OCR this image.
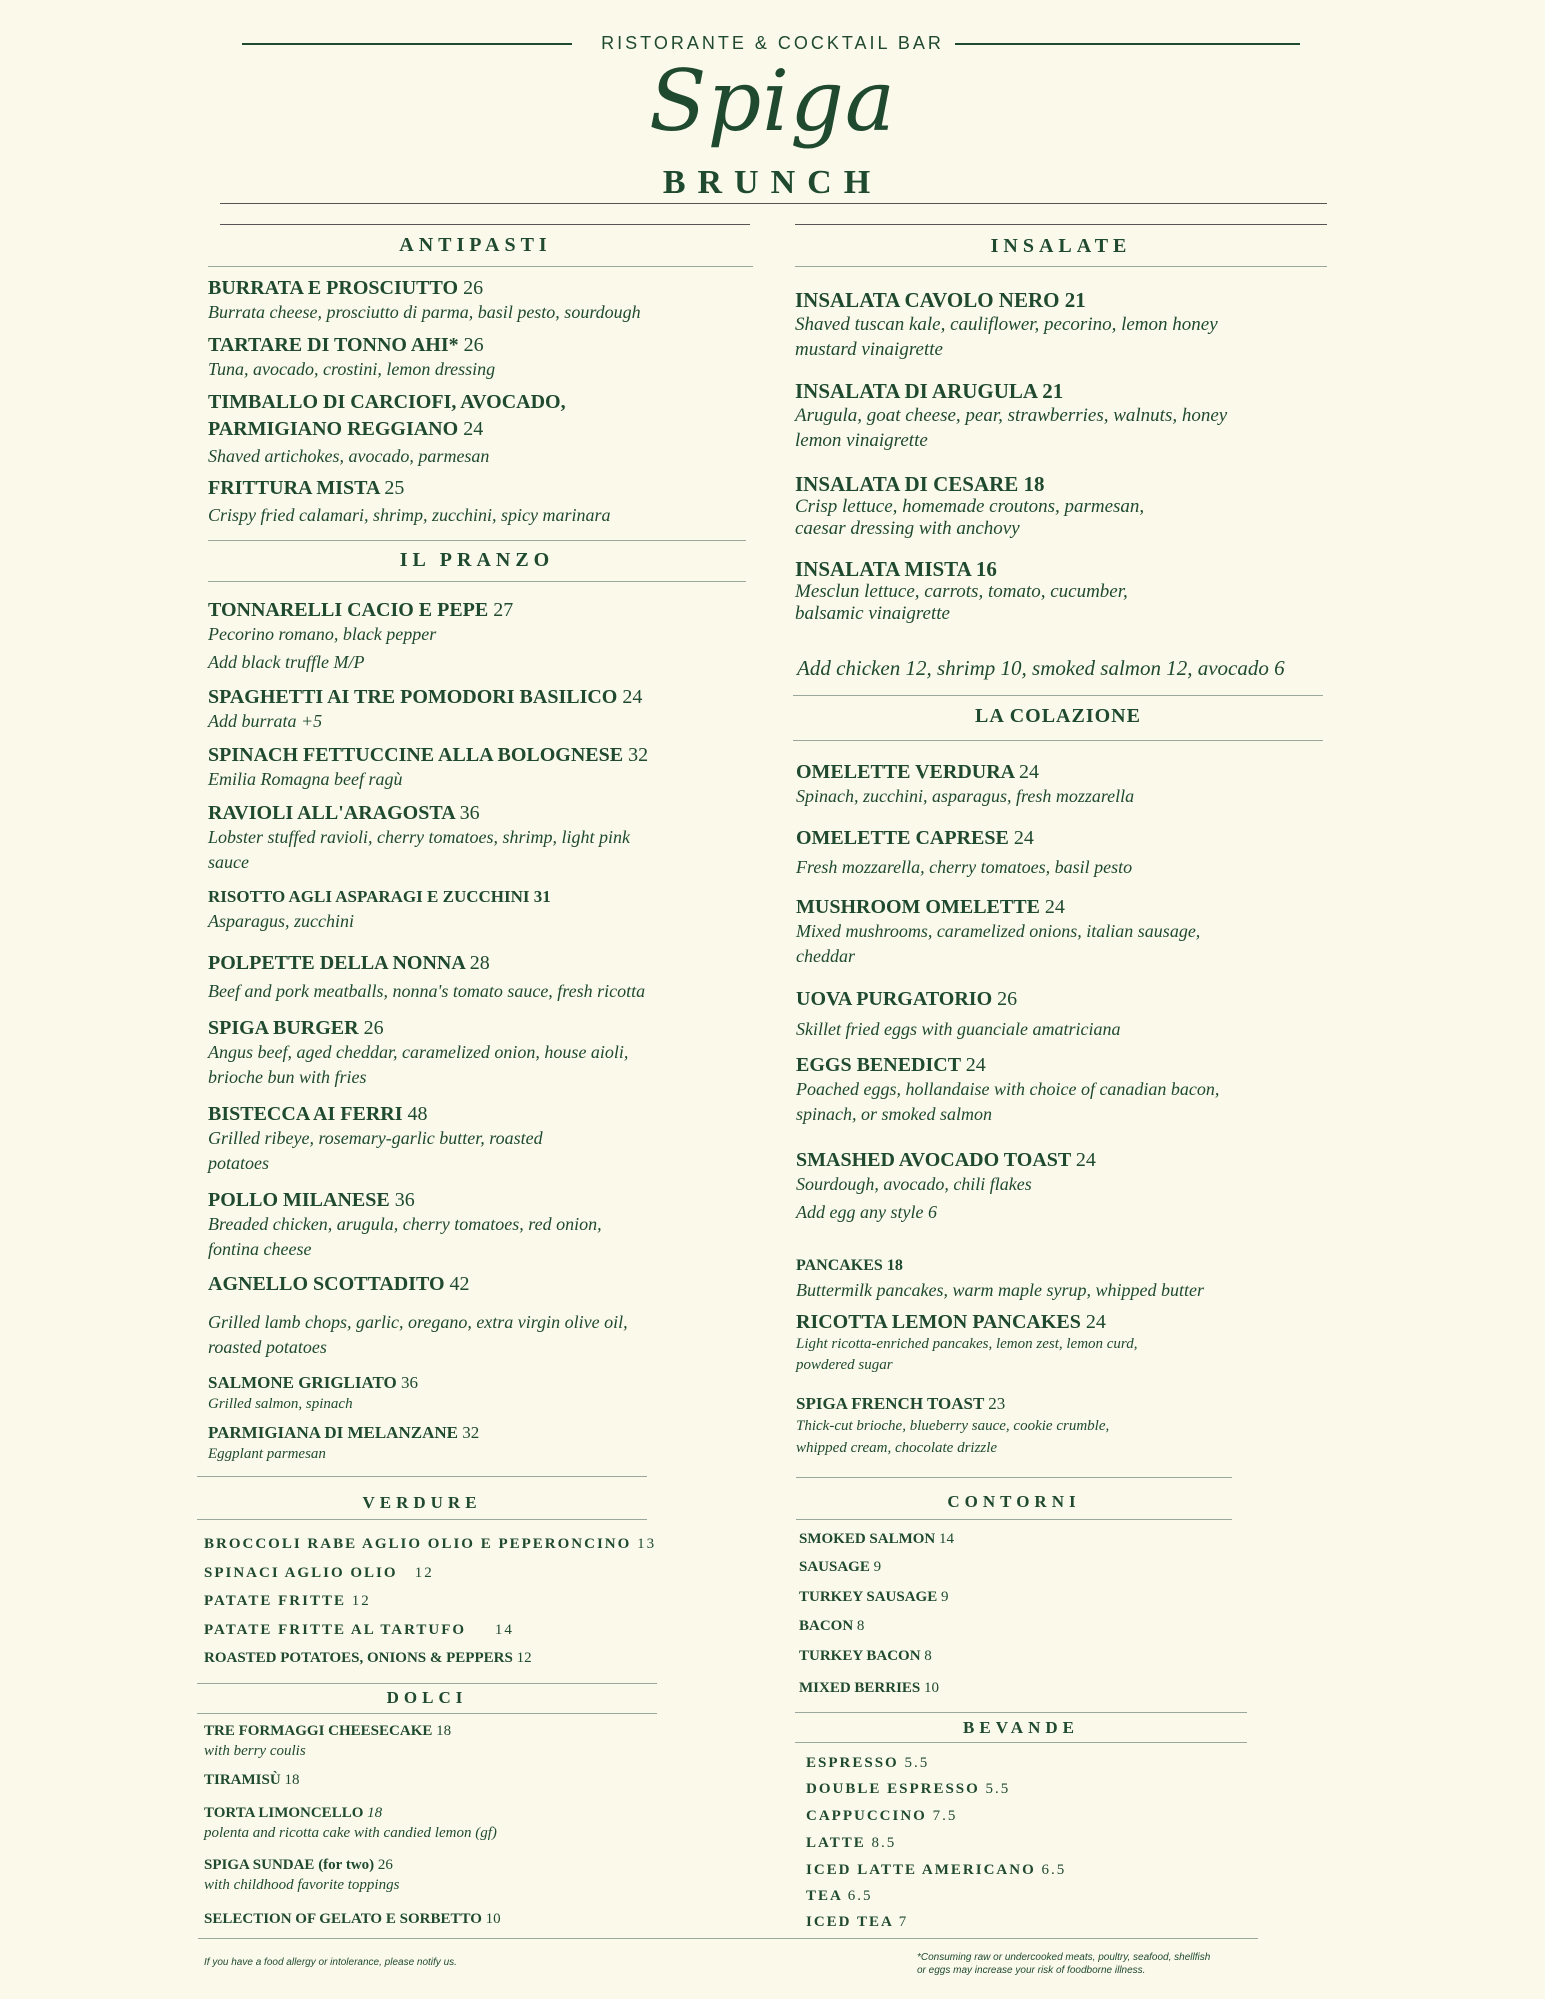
RISTORANTE & COCKTAIL BAR
Spiga
BRUNCH
ANTIPASTI
BURRATA E PROSCIUTTO 26
Burrata cheese, prosciutto di parma, basil pesto, sourdough
TARTARE DI TONNO AHI* 26
Tuna, avocado, crostini, lemon dressing
TIMBALLO DI CARCIOFI, AVOCADO,
PARMIGIANO REGGIANO 24
Shaved artichokes, avocado, parmesan
FRITTURA MISTA 25
Crispy fried calamari, shrimp, zucchini, spicy marinara
IL PRANZO
TONNARELLI CACIO E PEPE 27
Pecorino romano, black pepper
Add black truffle M/P
SPAGHETTI AI TRE POMODORI BASILICO 24
Add burrata +5
SPINACH FETTUCCINE ALLA BOLOGNESE 32
Emilia Romagna beef ragù
RAVIOLI ALL'ARAGOSTA 36
Lobster stuffed ravioli, cherry tomatoes, shrimp, light pink
sauce
RISOTTO AGLI ASPARAGI E ZUCCHINI 31
Asparagus, zucchini
POLPETTE DELLA NONNA 28
Beef and pork meatballs, nonna's tomato sauce, fresh ricotta
SPIGA BURGER 26
Angus beef, aged cheddar, caramelized onion, house aioli,
brioche bun with fries
BISTECCA AI FERRI 48
Grilled ribeye, rosemary-garlic butter, roasted
potatoes
POLLO MILANESE 36
Breaded chicken, arugula, cherry tomatoes, red onion,
fontina cheese
AGNELLO SCOTTADITO 42
Grilled lamb chops, garlic, oregano, extra virgin olive oil,
roasted potatoes
SALMONE GRIGLIATO 36
Grilled salmon, spinach
PARMIGIANA DI MELANZANE 32
Eggplant parmesan
VERDURE
BROCCOLI RABE AGLIO OLIO E PEPERONCINO 13
SPINACI AGLIO OLIO 12
PATATE FRITTE 12
PATATE FRITTE AL TARTUFO 14
ROASTED POTATOES, ONIONS & PEPPERS 12
DOLCI
TRE FORMAGGI CHEESECAKE 18
with berry coulis
TIRAMISÙ 18
TORTA LIMONCELLO 18
polenta and ricotta cake with candied lemon (gf)
SPIGA SUNDAE (for two) 26
with childhood favorite toppings
SELECTION OF GELATO E SORBETTO 10
INSALATE
INSALATA CAVOLO NERO 21
Shaved tuscan kale, cauliflower, pecorino, lemon honey
mustard vinaigrette
INSALATA DI ARUGULA 21
Arugula, goat cheese, pear, strawberries, walnuts, honey
lemon vinaigrette
INSALATA DI CESARE 18
Crisp lettuce, homemade croutons, parmesan,
caesar dressing with anchovy
INSALATA MISTA 16
Mesclun lettuce, carrots, tomato, cucumber,
balsamic vinaigrette
Add chicken 12, shrimp 10, smoked salmon 12, avocado 6
LA COLAZIONE
OMELETTE VERDURA 24
Spinach, zucchini, asparagus, fresh mozzarella
OMELETTE CAPRESE 24
Fresh mozzarella, cherry tomatoes, basil pesto
MUSHROOM OMELETTE 24
Mixed mushrooms, caramelized onions, italian sausage,
cheddar
UOVA PURGATORIO 26
Skillet fried eggs with guanciale amatriciana
EGGS BENEDICT 24
Poached eggs, hollandaise with choice of canadian bacon,
spinach, or smoked salmon
SMASHED AVOCADO TOAST 24
Sourdough, avocado, chili flakes
Add egg any style 6
PANCAKES 18
Buttermilk pancakes, warm maple syrup, whipped butter
RICOTTA LEMON PANCAKES 24
Light ricotta-enriched pancakes, lemon zest, lemon curd,
powdered sugar
SPIGA FRENCH TOAST 23
Thick-cut brioche, blueberry sauce, cookie crumble,
whipped cream, chocolate drizzle
CONTORNI
SMOKED SALMON 14
SAUSAGE 9
TURKEY SAUSAGE 9
BACON 8
TURKEY BACON 8
MIXED BERRIES 10
BEVANDE
ESPRESSO 5.5
DOUBLE ESPRESSO 5.5
CAPPUCCINO 7.5
LATTE 8.5
ICED LATTE AMERICANO 6.5
TEA 6.5
ICED TEA 7
If you have a food allergy or intolerance, please notify us.	*Consuming raw or undercooked meats, poultry, seafood, shellfish
or eggs may increase your risk of foodborne illness.
